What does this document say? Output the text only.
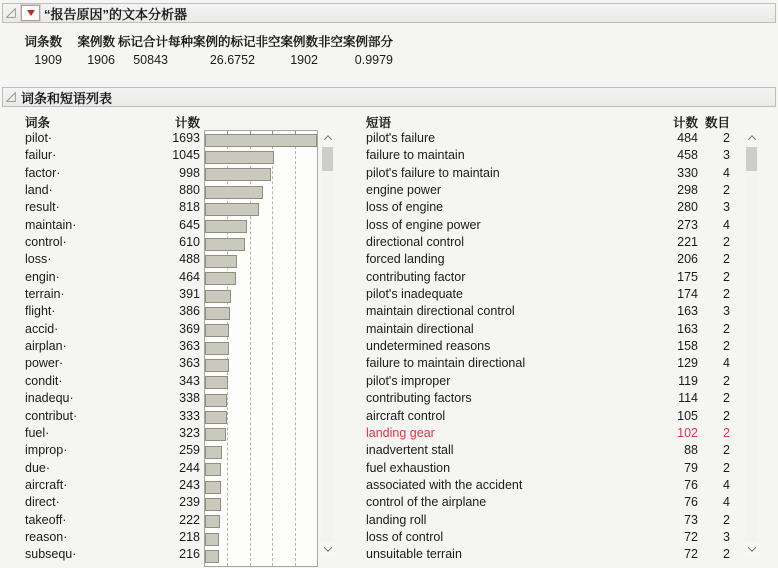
“报告原因”的文本分析器
词条数
1909
案例数
1906
标记合计
50843
每种案例的标记
26.6752
非空案例数
1902
非空案例部分
0.9979
词条和短语列表
词条	计数	短语	计数 数目
pilot·	1693
failur·	1045
factor·	998
land·	880
result·	818
maintain·	645
control·	610
loss·	488
engin·	464
terrain·	391
flight·	386
accid·	369
airplan·	363
power·	363
condit·	343
inadequ·	338
contribut·	333
fuel·	323
improp·	259
due·	244
aircraft·	243
direct·	239
takeoff·	222
reason·	218
subsequ·	216
pilot's failure	484	2
failure to maintain	458	3
pilot's failure to maintain	330	4
engine power	298	2
loss of engine	280	3
loss of engine power	273	4
directional control	221	2
forced landing	206	2
contributing factor	175	2
pilot's inadequate	174	2
maintain directional control	163	3
maintain directional	163	2
undetermined reasons	158	2
failure to maintain directional	129	4
pilot's improper	119	2
contributing factors	114	2
aircraft control	105	2
landing gear	102	2
inadvertent stall	88	2
fuel exhaustion	79	2
associated with the accident	76	4
control of the airplane	76	4
landing roll	73	2
loss of control	72	3
unsuitable terrain	72	2
